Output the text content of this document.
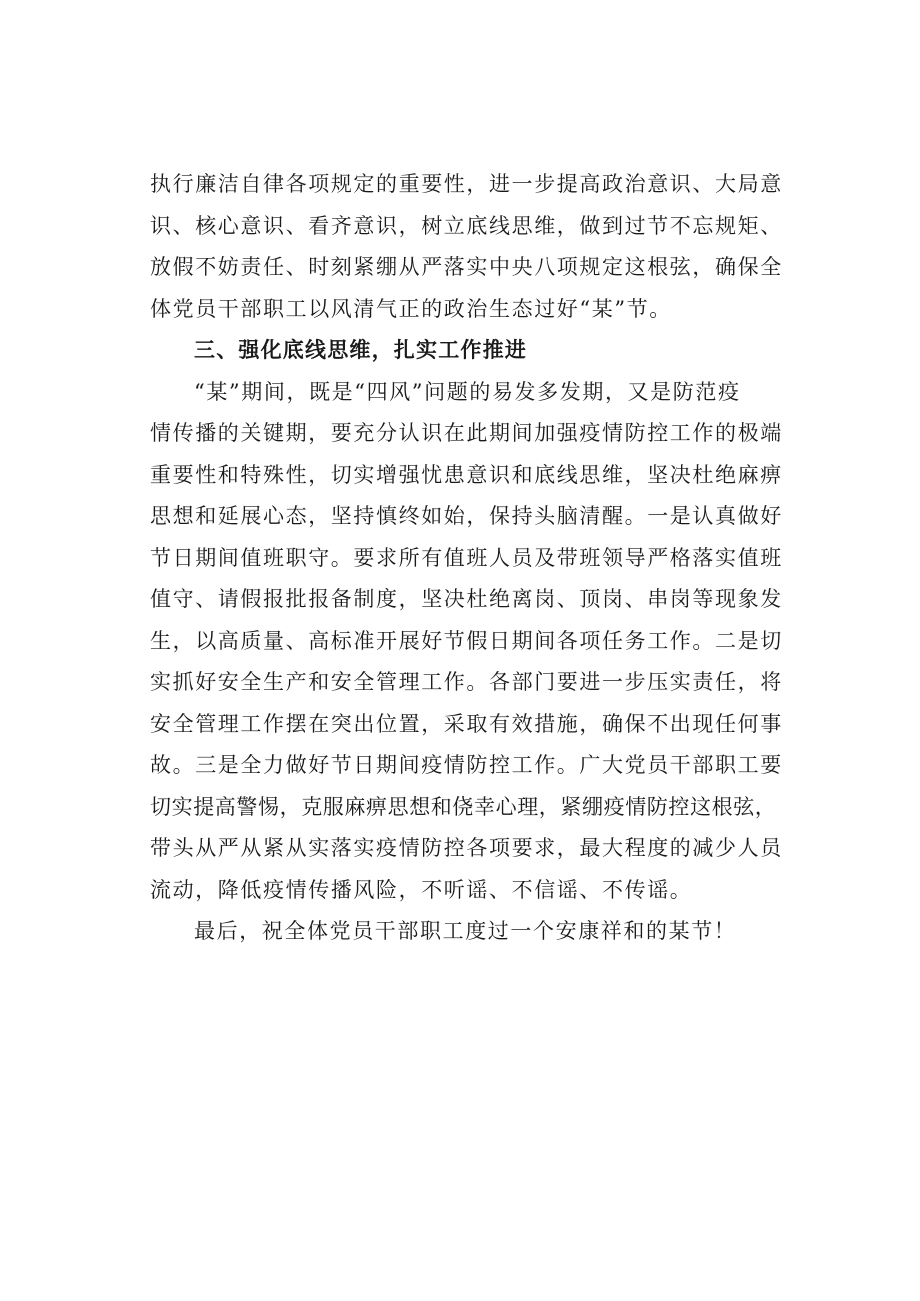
执行廉洁自律各项规定的重要性，进一步提高政治意识、大局意
识、核心意识、看齐意识，树立底线思维，做到过节不忘规矩、
放假不妨责任、时刻紧绷从严落实中央八项规定这根弦，确保全
体党员干部职工以风清气正的政治生态过好“某”节。

三、强化底线思维，扎实工作推进

“某”期间，既是“四风”问题的易发多发期，又是防范疫
情传播的关键期，要充分认识在此期间加强疫情防控工作的极端
重要性和特殊性，切实增强忧患意识和底线思维，坚决杜绝麻痹
思想和延展心态，坚持慎终如始，保持头脑清醒。一是认真做好
节日期间值班职守。要求所有值班人员及带班领导严格落实值班
值守、请假报批报备制度，坚决杜绝离岗、顶岗、串岗等现象发
生，以高质量、高标准开展好节假日期间各项任务工作。二是切
实抓好安全生产和安全管理工作。各部门要进一步压实责任，将
安全管理工作摆在突出位置，采取有效措施，确保不出现任何事
故。三是全力做好节日期间疫情防控工作。广大党员干部职工要
切实提高警惕，克服麻痹思想和侥幸心理，紧绷疫情防控这根弦，
带头从严从紧从实落实疫情防控各项要求，最大程度的减少人员
流动，降低疫情传播风险，不听谣、不信谣、不传谣。

最后，祝全体党员干部职工度过一个安康祥和的某节！
